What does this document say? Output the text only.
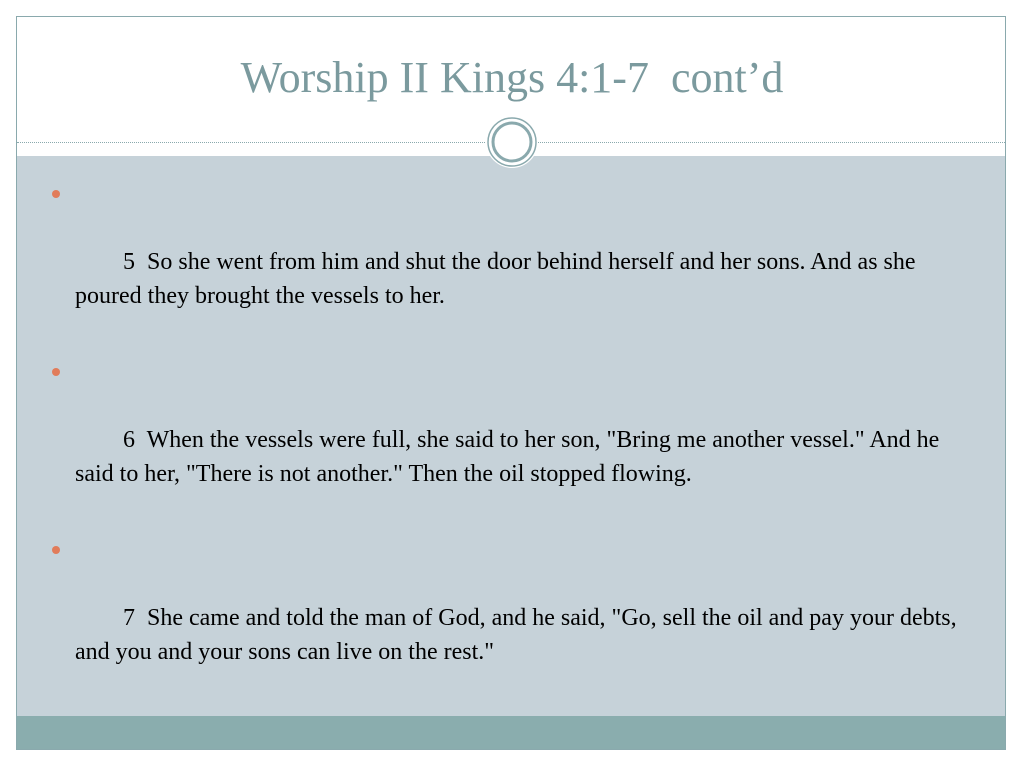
Worship II Kings 4:1-7  cont’d

5  So she went from him and shut the door behind herself and her sons. And as she poured they brought the vessels to her.

6  When the vessels were full, she said to her son, "Bring me another vessel." And he said to her, "There is not another." Then the oil stopped flowing.

7  She came and told the man of God, and he said, "Go, sell the oil and pay your debts, and you and your sons can live on the rest."
